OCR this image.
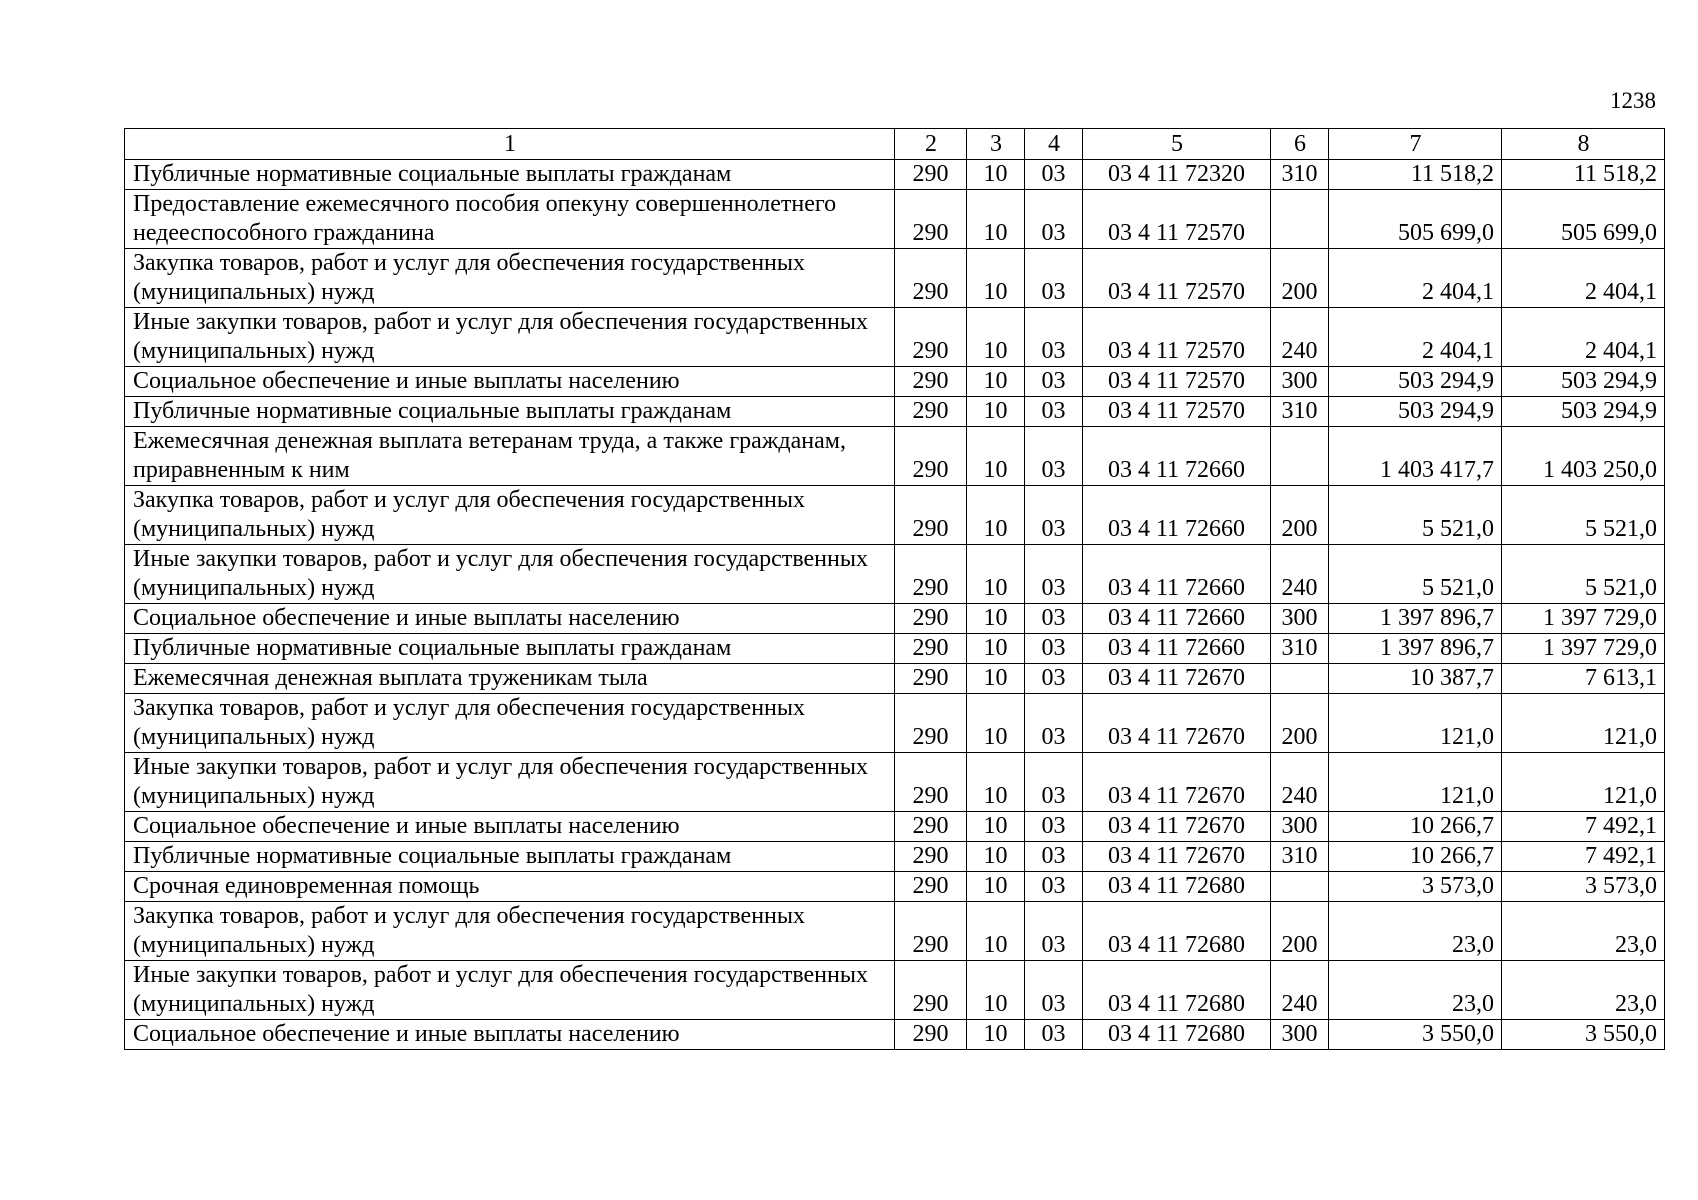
1238
1	2	3	4	5	6	7	8
Публичные нормативные социальные выплаты гражданам	290	10	03	03 4 11 72320	310	11 518,2	11 518,2
Предоставление ежемесячного пособия опекуну совершеннолетнего недееспособного гражданина	290	10	03	03 4 11 72570		505 699,0	505 699,0
Закупка товаров, работ и услуг для обеспечения государственных (муниципальных) нужд	290	10	03	03 4 11 72570	200	2 404,1	2 404,1
Иные закупки товаров, работ и услуг для обеспечения государственных (муниципальных) нужд	290	10	03	03 4 11 72570	240	2 404,1	2 404,1
Социальное обеспечение и иные выплаты населению	290	10	03	03 4 11 72570	300	503 294,9	503 294,9
Публичные нормативные социальные выплаты гражданам	290	10	03	03 4 11 72570	310	503 294,9	503 294,9
Ежемесячная денежная выплата ветеранам труда, а также гражданам, приравненным к ним	290	10	03	03 4 11 72660		1 403 417,7	1 403 250,0
Закупка товаров, работ и услуг для обеспечения государственных (муниципальных) нужд	290	10	03	03 4 11 72660	200	5 521,0	5 521,0
Иные закупки товаров, работ и услуг для обеспечения государственных (муниципальных) нужд	290	10	03	03 4 11 72660	240	5 521,0	5 521,0
Социальное обеспечение и иные выплаты населению	290	10	03	03 4 11 72660	300	1 397 896,7	1 397 729,0
Публичные нормативные социальные выплаты гражданам	290	10	03	03 4 11 72660	310	1 397 896,7	1 397 729,0
Ежемесячная денежная выплата труженикам тыла	290	10	03	03 4 11 72670		10 387,7	7 613,1
Закупка товаров, работ и услуг для обеспечения государственных (муниципальных) нужд	290	10	03	03 4 11 72670	200	121,0	121,0
Иные закупки товаров, работ и услуг для обеспечения государственных (муниципальных) нужд	290	10	03	03 4 11 72670	240	121,0	121,0
Социальное обеспечение и иные выплаты населению	290	10	03	03 4 11 72670	300	10 266,7	7 492,1
Публичные нормативные социальные выплаты гражданам	290	10	03	03 4 11 72670	310	10 266,7	7 492,1
Срочная единовременная помощь	290	10	03	03 4 11 72680		3 573,0	3 573,0
Закупка товаров, работ и услуг для обеспечения государственных (муниципальных) нужд	290	10	03	03 4 11 72680	200	23,0	23,0
Иные закупки товаров, работ и услуг для обеспечения государственных (муниципальных) нужд	290	10	03	03 4 11 72680	240	23,0	23,0
Социальное обеспечение и иные выплаты населению	290	10	03	03 4 11 72680	300	3 550,0	3 550,0
